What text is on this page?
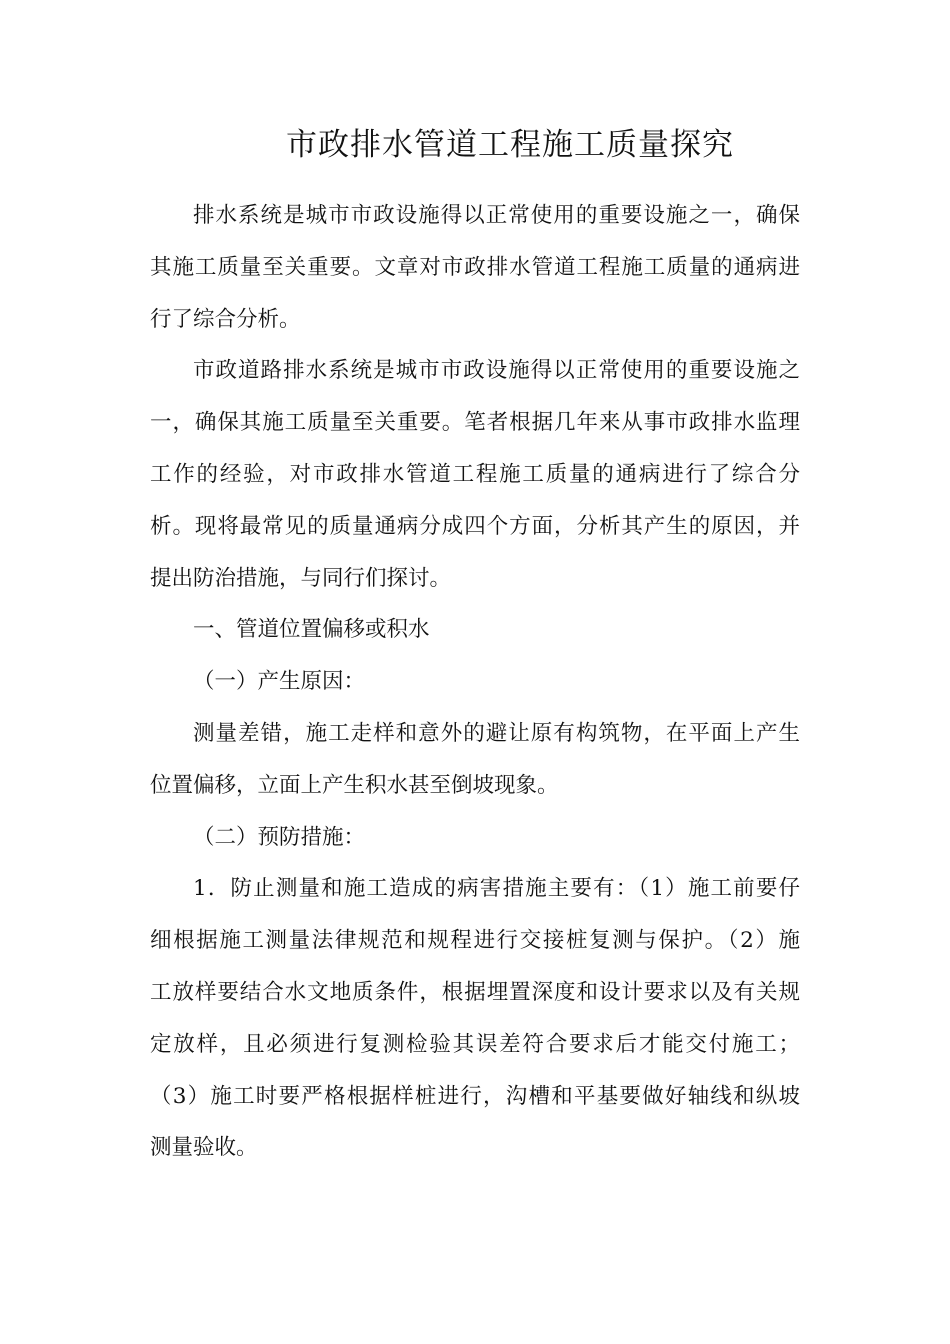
市政排水管道工程施工质量探究
排水系统是城市市政设施得以正常使用的重要设施之一，确保
其施工质量至关重要。文章对市政排水管道工程施工质量的通病进
行了综合分析。
市政道路排水系统是城市市政设施得以正常使用的重要设施之
一，确保其施工质量至关重要。笔者根据几年来从事市政排水监理
工作的经验，对市政排水管道工程施工质量的通病进行了综合分
析。现将最常见的质量通病分成四个方面，分析其产生的原因，并
提出防治措施，与同行们探讨。
一、管道位置偏移或积水
（一）产生原因：
测量差错，施工走样和意外的避让原有构筑物，在平面上产生
位置偏移，立面上产生积水甚至倒坡现象。
（二）预防措施：
1．防止测量和施工造成的病害措施主要有：（1）施工前要仔
细根据施工测量法律规范和规程进行交接桩复测与保护。（2）施
工放样要结合水文地质条件，根据埋置深度和设计要求以及有关规
定放样，且必须进行复测检验其误差符合要求后才能交付施工；
（3）施工时要严格根据样桩进行，沟槽和平基要做好轴线和纵坡
测量验收。
